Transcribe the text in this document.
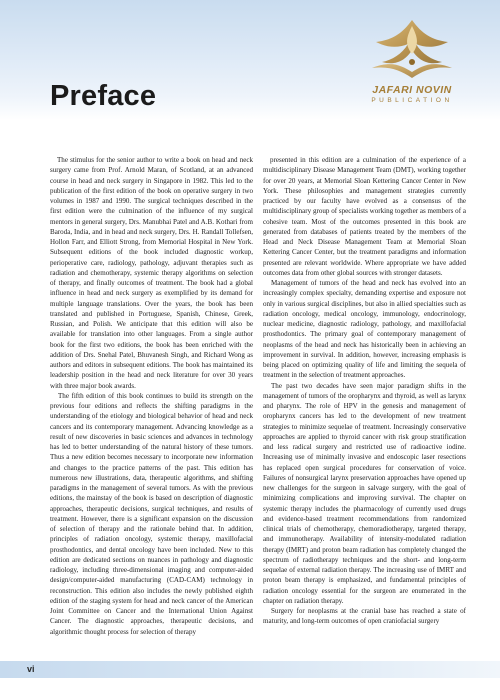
Preface	JAFARI NOVIN
PUBLICATION

The stimulus for the senior author to write a book on head and neck surgery came from Prof. Arnold Maran, of Scotland, at an advanced course in head and neck surgery in Singapore in 1982. This led to the publication of the first edition of the book on operative surgery in two volumes in 1987 and 1990. The surgical techniques described in the first edition were the culmination of the influence of my surgical mentors in general surgery, Drs. Manubhai Patel and A.B. Kothari from Baroda, India, and in head and neck surgery, Drs. H. Randall Tollefsen, Hollon Farr, and Elliott Strong, from Memorial Hospital in New York. Subsequent editions of the book included diagnostic workup, perioperative care, radiology, pathology, adjuvant therapies such as radiation and chemotherapy, systemic therapy algorithms on selection of therapy, and finally outcomes of treatment. The book had a global influence in head and neck surgery as exemplified by its demand for multiple language translations. Over the years, the book has been translated and published in Portuguese, Spanish, Chinese, Greek, Russian, and Polish. We anticipate that this edition will also be available for translation into other languages. From a single author book for the first two editions, the book has been enriched with the addition of Drs. Snehal Patel, Bhuvanesh Singh, and Richard Wong as authors and editors in subsequent editions. The book has maintained its leadership position in the head and neck literature for over 30 years with three major book awards.

The fifth edition of this book continues to build its strength on the previous four editions and reflects the shifting paradigms in the understanding of the etiology and biological behavior of head and neck cancers and its contemporary management. Advancing knowledge as a result of new discoveries in basic sciences and advances in technology has led to better understanding of the natural history of these tumors. Thus a new edition becomes necessary to incorporate new information and changes to the practice patterns of the past. This edition has numerous new illustrations, data, therapeutic algorithms, and shifting paradigms in the management of several tumors. As with the previous editions, the mainstay of the book is based on description of diagnostic approaches, therapeutic decisions, surgical techniques, and results of treatment. However, there is a significant expansion on the discussion of selection of therapy and the rationale behind that. In addition, principles of radiation oncology, systemic therapy, maxillofacial prosthodontics, and dental oncology have been included. New to this edition are dedicated sections on nuances in pathology and diagnostic radiology, including three-dimensional imaging and computer-aided design/computer-aided manufacturing (CAD-CAM) technology in reconstruction. This edition also includes the newly published eighth edition of the staging system for head and neck cancer of the American Joint Committee on Cancer and the International Union Against Cancer. The diagnostic approaches, therapeutic decisions, and algorithmic thought process for selection of therapy

presented in this edition are a culmination of the experience of a multidisciplinary Disease Management Team (DMT), working together for over 20 years, at Memorial Sloan Kettering Cancer Center in New York. These philosophies and management strategies currently practiced by our faculty have evolved as a consensus of the multidisciplinary group of specialists working together as members of a cohesive team. Most of the outcomes presented in this book are generated from databases of patients treated by the members of the Head and Neck Disease Management Team at Memorial Sloan Kettering Cancer Center, but the treatment paradigms and information presented are relevant worldwide. Where appropriate we have added outcomes data from other global sources with stronger datasets.

Management of tumors of the head and neck has evolved into an increasingly complex specialty, demanding expertise and exposure not only in various surgical disciplines, but also in allied specialties such as radiation oncology, medical oncology, immunology, endocrinology, nuclear medicine, diagnostic radiology, pathology, and maxillofacial prosthodontics. The primary goal of contemporary management of neoplasms of the head and neck has historically been in achieving an improvement in survival. In addition, however, increasing emphasis is being placed on optimizing quality of life and limiting the sequela of treatment in the selection of treatment approaches.

The past two decades have seen major paradigm shifts in the management of tumors of the oropharynx and thyroid, as well as larynx and pharynx. The role of HPV in the genesis and management of oropharynx cancers has led to the development of new treatment strategies to minimize sequelae of treatment. Increasingly conservative approaches are applied to thyroid cancer with risk group stratification and less radical surgery and restricted use of radioactive iodine. Increasing use of minimally invasive and endoscopic laser resections has replaced open surgical procedures for conservation of voice. Failures of nonsurgical larynx preservation approaches have opened up new challenges for the surgeon in salvage surgery, with the goal of minimizing complications and improving survival. The chapter on systemic therapy includes the pharmacology of currently used drugs and evidence-based treatment recommendations from randomized clinical trials of chemotherapy, chemoradiotherapy, targeted therapy, and immunotherapy. Availability of intensity-modulated radiation therapy (IMRT) and proton beam radiation has completely changed the spectrum of radiotherapy techniques and the short- and long-term sequelae of external radiation therapy. The increasing use of IMRT and proton beam therapy is emphasized, and fundamental principles of radiation oncology essential for the surgeon are enumerated in the chapter on radiation therapy.

Surgery for neoplasms at the cranial base has reached a state of maturity, and long-term outcomes of open craniofacial surgery

vi
